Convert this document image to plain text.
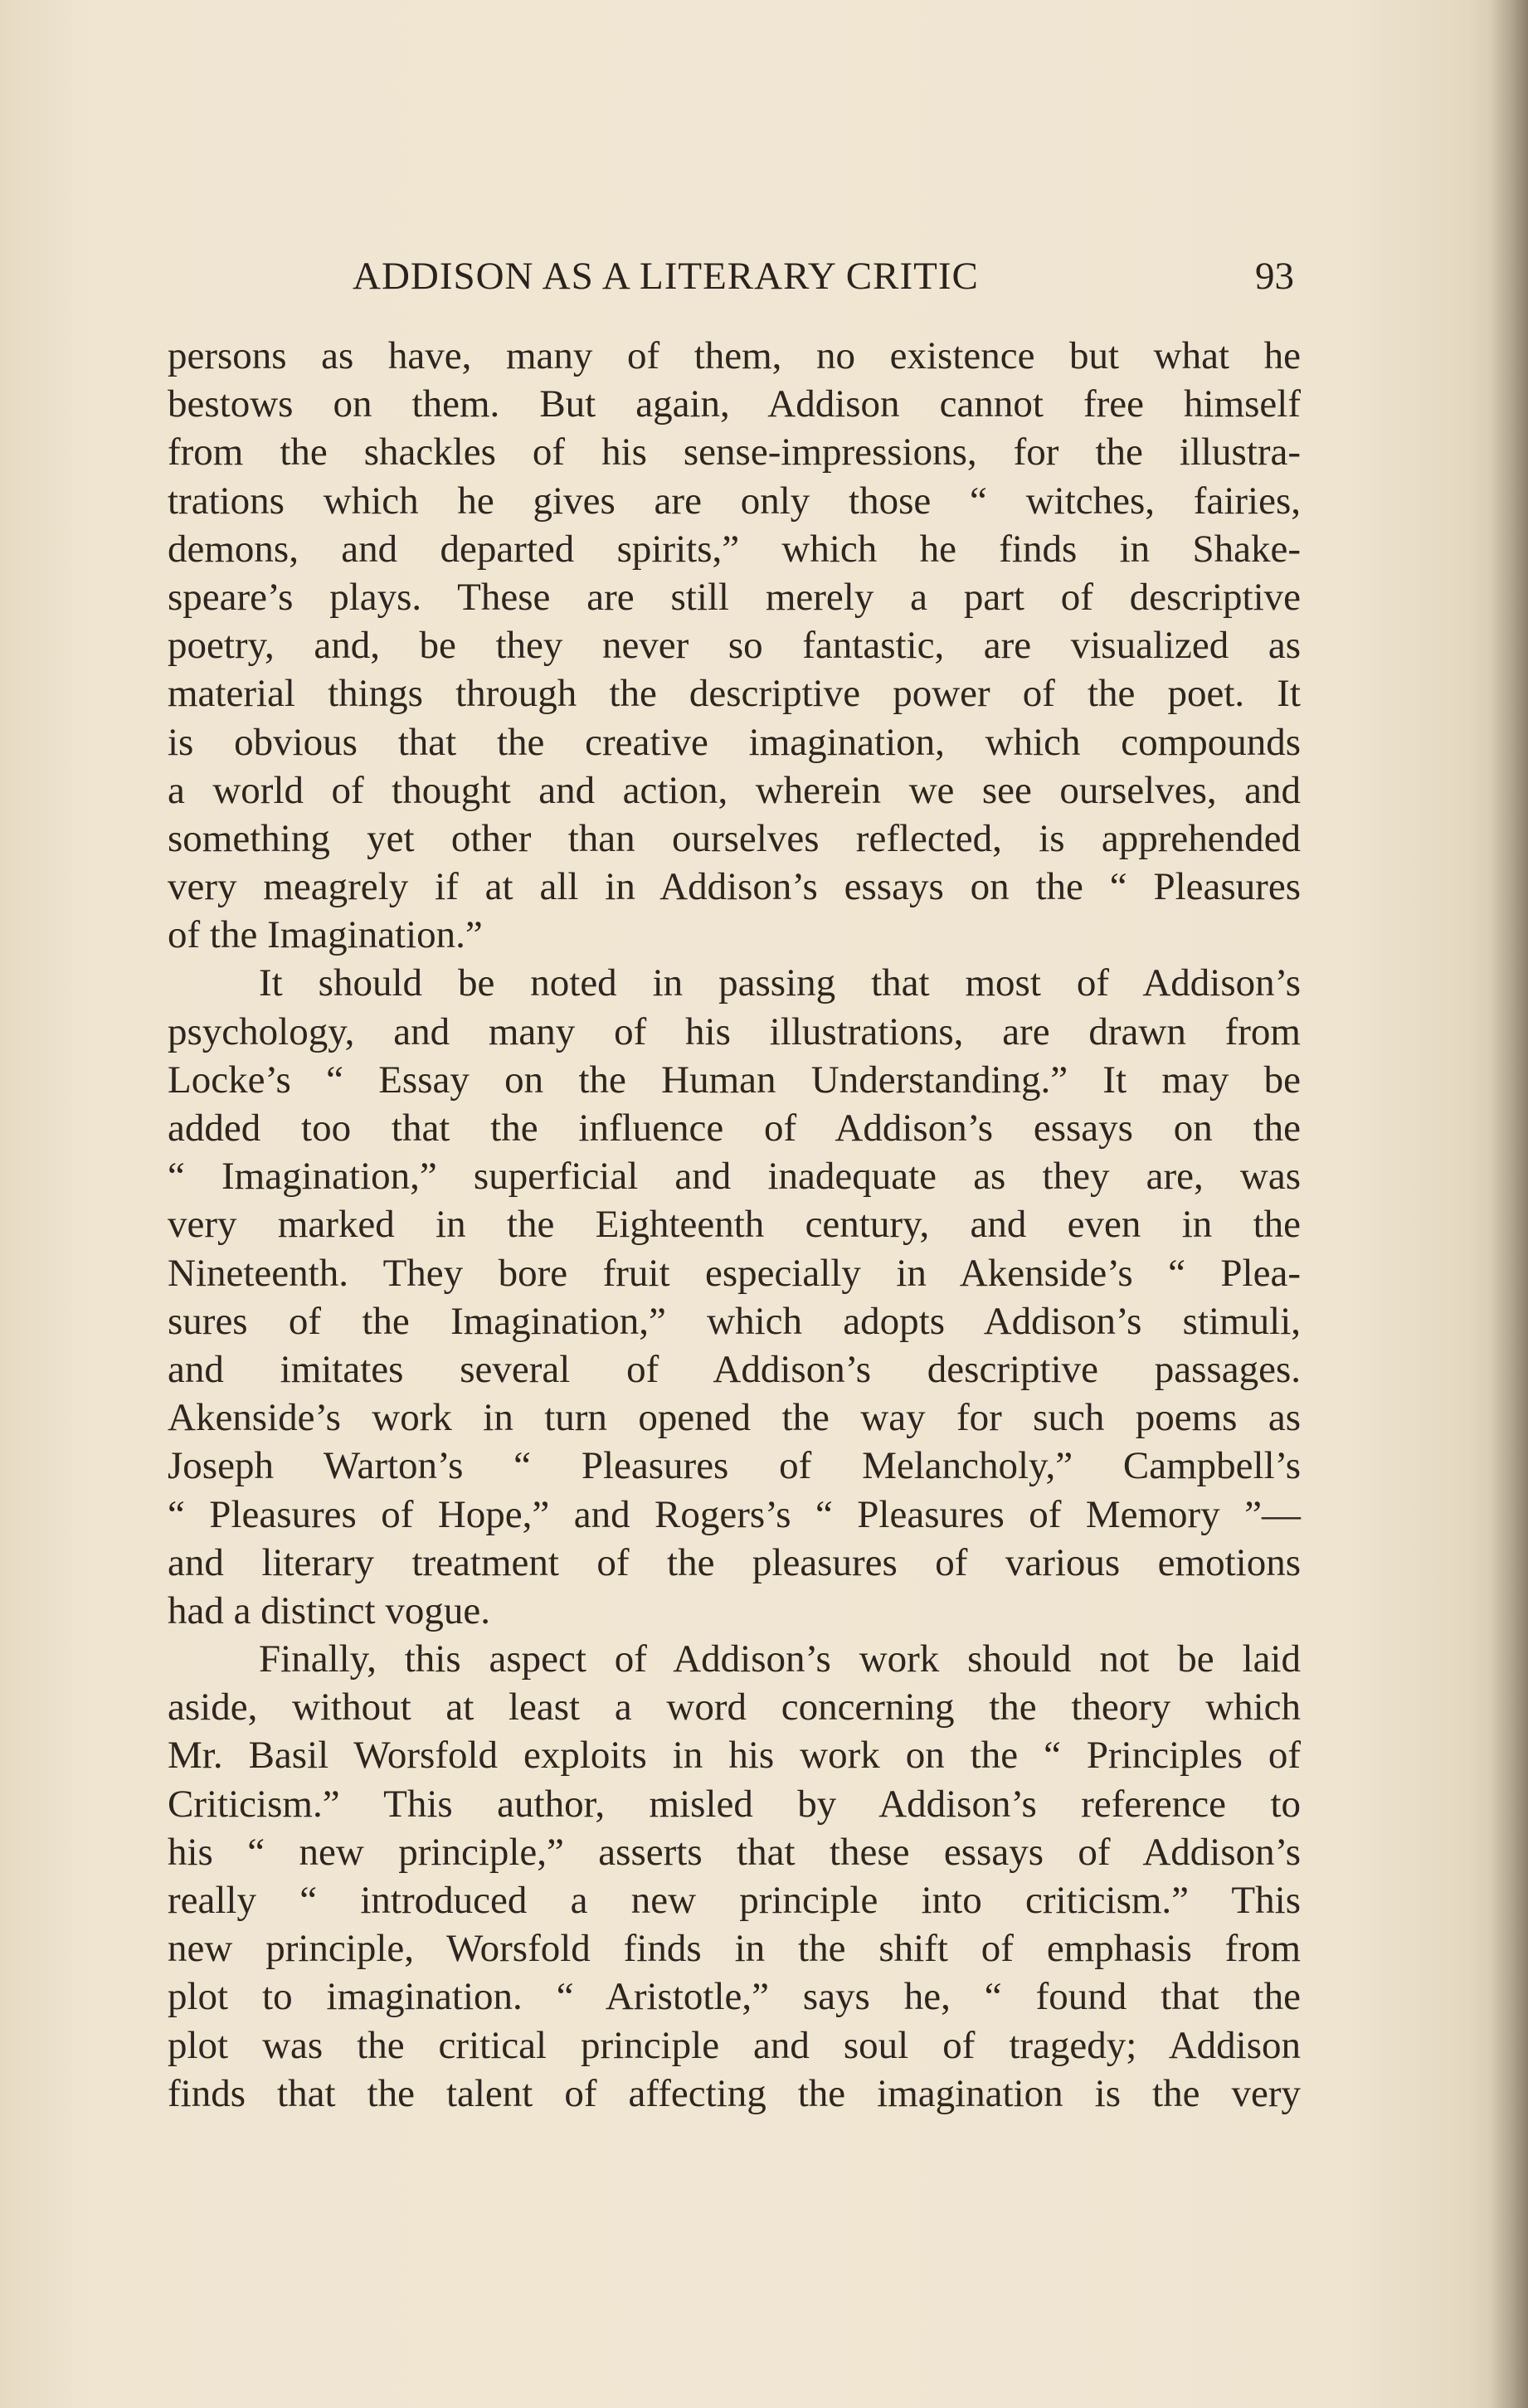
ADDISON AS A LITERARY CRITIC	93
persons as have, many of them, no existence but what he
bestows on them. But again, Addison cannot free himself
from the shackles of his sense-impressions, for the illustra-
trations which he gives are only those “ witches, fairies,
demons, and departed spirits,” which he finds in Shake-
speare’s plays. These are still merely a part of descriptive
poetry, and, be they never so fantastic, are visualized as
material things through the descriptive power of the poet. It
is obvious that the creative imagination, which compounds
a world of thought and action, wherein we see ourselves, and
something yet other than ourselves reflected, is apprehended
very meagrely if at all in Addison’s essays on the “ Pleasures
of the Imagination.”
It should be noted in passing that most of Addison’s
psychology, and many of his illustrations, are drawn from
Locke’s “ Essay on the Human Understanding.” It may be
added too that the influence of Addison’s essays on the
“ Imagination,” superficial and inadequate as they are, was
very marked in the Eighteenth century, and even in the
Nineteenth. They bore fruit especially in Akenside’s “ Plea-
sures of the Imagination,” which adopts Addison’s stimuli,
and imitates several of Addison’s descriptive passages.
Akenside’s work in turn opened the way for such poems as
Joseph Warton’s “ Pleasures of Melancholy,” Campbell’s
“ Pleasures of Hope,” and Rogers’s “ Pleasures of Memory ”—
and literary treatment of the pleasures of various emotions
had a distinct vogue.
Finally, this aspect of Addison’s work should not be laid
aside, without at least a word concerning the theory which
Mr. Basil Worsfold exploits in his work on the “ Principles of
Criticism.” This author, misled by Addison’s reference to
his “ new principle,” asserts that these essays of Addison’s
really “ introduced a new principle into criticism.” This
new principle, Worsfold finds in the shift of emphasis from
plot to imagination. “ Aristotle,” says he, “ found that the
plot was the critical principle and soul of tragedy; Addison
finds that the talent of affecting the imagination is the very
